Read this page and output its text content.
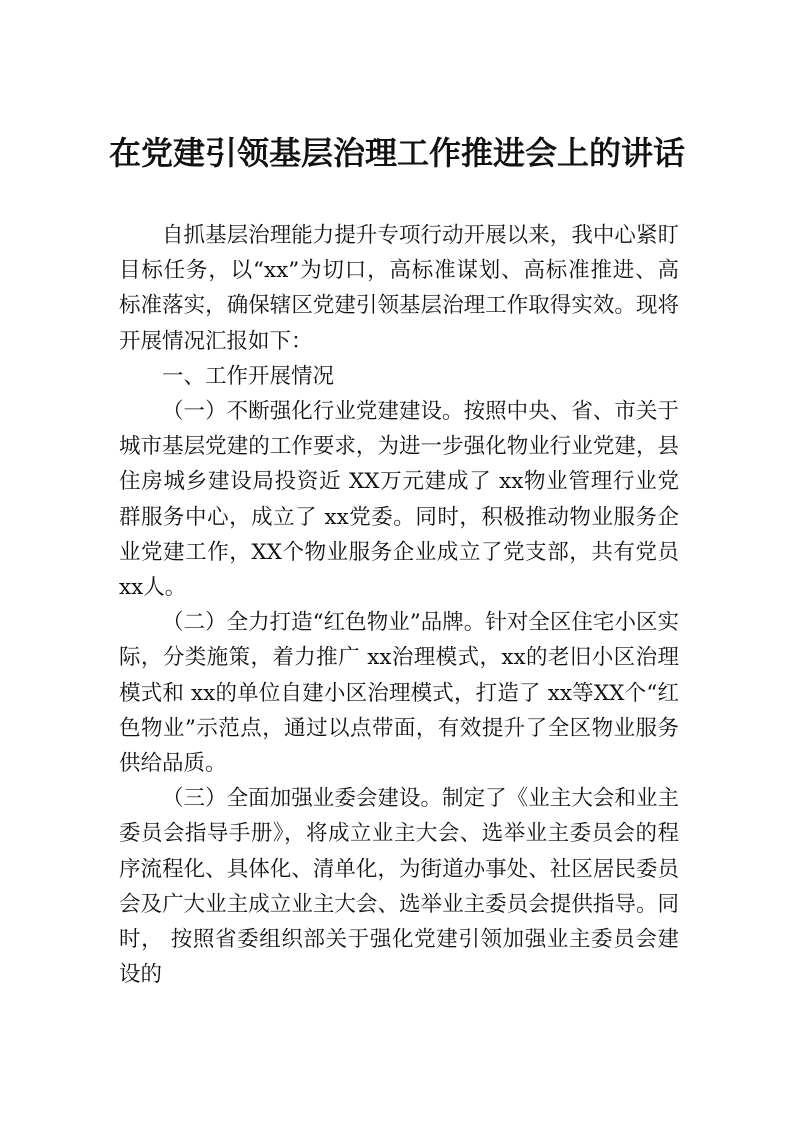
在党建引领基层治理工作推进会上的讲话

自抓基层治理能力提升专项行动开展以来，我中心紧盯目标任务，以“xx”为切口，高标准谋划、高标准推进、高标准落实，确保辖区党建引领基层治理工作取得实效。现将开展情况汇报如下：

一、工作开展情况

（一）不断强化行业党建建设。按照中央、省、市关于城市基层党建的工作要求，为进一步强化物业行业党建，县住房城乡建设局投资近 XX万元建成了 xx物业管理行业党群服务中心，成立了 xx党委。同时，积极推动物业服务企业党建工作，XX个物业服务企业成立了党支部，共有党员 xx人。

（二）全力打造“红色物业”品牌。针对全区住宅小区实际，分类施策，着力推广 xx治理模式，xx的老旧小区治理模式和 xx的单位自建小区治理模式，打造了 xx等XX个“红色物业”示范点，通过以点带面，有效提升了全区物业服务供给品质。

（三）全面加强业委会建设。制定了《业主大会和业主委员会指导手册》，将成立业主大会、选举业主委员会的程序流程化、具体化、清单化，为街道办事处、社区居民委员会及广大业主成立业主大会、选举业主委员会提供指导。同时， 按照省委组织部关于强化党建引领加强业主委员会建设的
